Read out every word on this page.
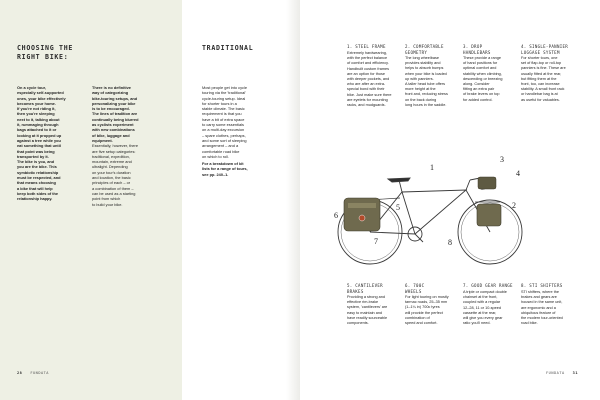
CHOOSING THE
RIGHT BIKE:
On a cycle tour,
especially self-supported
ones, your bike effectively
becomes your home.
If you're not riding it,
then you're sleeping
next to it, talking about
it, rummaging through
bags attached to it or
looking at it propped up
against a tree while you
eat something that until
that point was being
transported by it.
The bike is you, and
you are the bike. This
symbiotic relationship
must be respected, and
that means choosing
a bike that will help
keep both sides of the
relationship happy.
There is no definitive
way of categorizing
bike-touring setups, and
personalizing your bike
is to be encouraged.
The lines of tradition are
continually being blurred
as cyclists experiment
with new combinations
of bike, luggage and
equipment.
Essentially, however, there
are five setup categories:
traditional, expedition,
mountain, extreme and
ultralight. Depending
on your tour's duration
and location, the basic
principles of each – or
a combination of them –
can be used as a starting
point from which
to build your bike.
28 FUNDATA
TRADITIONAL
Most people get into cycle
touring via the 'traditional'
cycle-touring setup. Ideal
for shorter tours in a
stable climate. The basic
requirement is that you
have a bit of extra space
to carry some essentials
on a multi-day excursion
– spare clothes, perhaps,
and some sort of sleeping
arrangement – and a
comfortable road bike
on which to roll.
For a breakdown of kit
lists for a range of tours,
see pp. 240–1.
1. STEEL FRAME
Extremely hardwearing,
with the perfect balance
of comfort and efficiency.
Handbuilt custom frames
are an option for those
with deeper pockets, and
who are after an extra-
special bond with their
bike. Just make sure there
are eyelets for mounting
racks, and mudguards.
2. COMFORTABLE
GEOMETRY
The long wheelbase
provides stability and
helps to absorb bumps
when your bike is loaded
up with panniers.
A taller head tube offers
more height at the
front and, reducing stress
on the back during
long hours in the saddle.
3. DROP
HANDLEBARS
These provide a range
of hand positions for
optimal comfort and
stability when climbing,
descending or breezing
along. Consider
fitting an extra pair
of brake levers on top
for added control.
4. SINGLE-PANNIER
LUGGAGE SYSTEM
For shorter tours, one
set of flap-top or roll-top
panniers is fine. These are
usually fitted at the rear,
but fitting them at the
front, too, can increase
stability. A small front rack
or handlebar bag is at
as useful for valuables.
1
2
3
4
5
6
7	8
5. CANTILEVER
BRAKES
Providing a strong and
effective rim-brake
system, 'cantilevers' are
easy to maintain and
have readily sourceable
components.
6. 700C
WHEELS
For light touring on mostly
tarmac roads, 25–35 mm
(1–1¼ in) 700c tyres
will provide the perfect
combination of
speed and comfort.
7. GOOD GEAR RANGE
A triple or compact double
chainset at the front,
coupled with a regular
12–28, 11 or 10-speed
cassette at the rear,
will give you every gear
ratio you'll need.
8. STI SHIFTERS
STI shifters, where the
brakes and gears are
housed in the same unit,
are ergonomic and a
ubiquitous feature of
the modern tour-oriented
road bike.
FUNDATA 31
